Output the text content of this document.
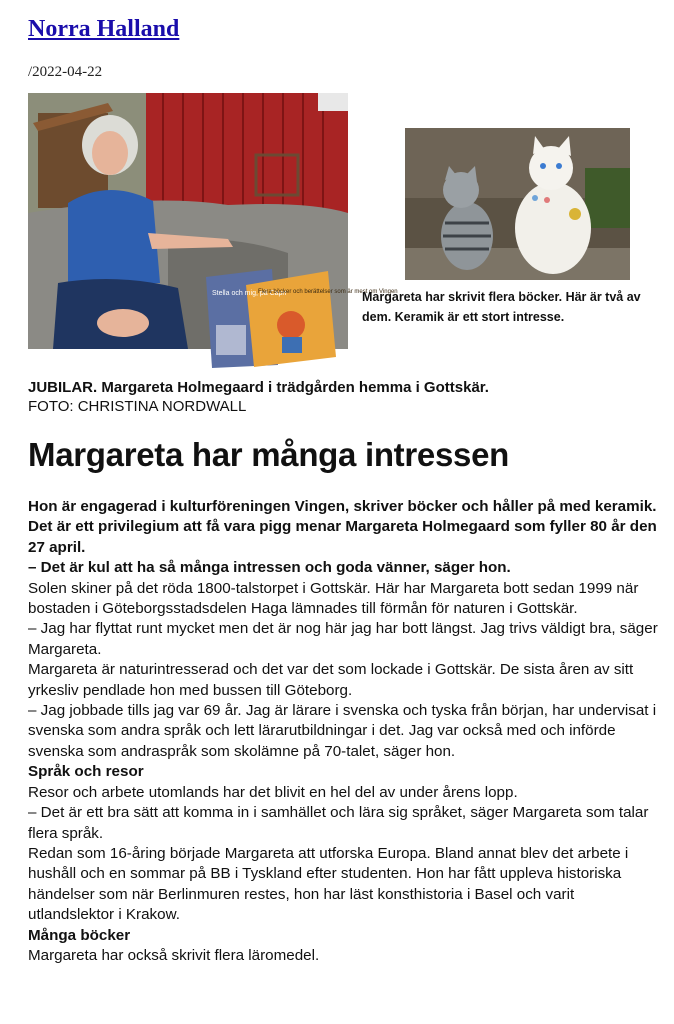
Norra Halland
/2022-04-22
Stella och mig, på Capri
Flera böcker och berättelser som är mest om Vingen
Margareta har skrivit flera böcker. Här är två av dem. Keramik är ett stort intresse.
JUBILAR. Margareta Holmegaard i trädgården hemma i Gottskär.
FOTO: CHRISTINA NORDWALL
Margareta har många intressen

Hon är engagerad i kulturföreningen Vingen, skriver böcker och håller på med keramik.

Det är ett privilegium att få vara pigg menar Margareta Holmegaard som fyller 80 år den 27 april.

– Det är kul att ha så många intressen och goda vänner, säger hon.

Solen skiner på det röda 1800-talstorpet i Gottskär. Här har Margareta bott sedan 1999 när bostaden i Göteborgsstadsdelen Haga lämnades till förmån för naturen i Gottskär.

– Jag har flyttat runt mycket men det är nog här jag har bott längst. Jag trivs väldigt bra, säger Margareta.

Margareta är naturintresserad och det var det som lockade i Gottskär. De sista åren av sitt yrkesliv pendlade hon med bussen till Göteborg.

– Jag jobbade tills jag var 69 år. Jag är lärare i svenska och tyska från början, har undervisat i svenska som andra språk och lett lärarutbildningar i det. Jag var också med och införde svenska som andraspråk som skolämne på 70-talet, säger hon.

Språk och resor

Resor och arbete utomlands har det blivit en hel del av under årens lopp.

– Det är ett bra sätt att komma in i samhället och lära sig språket, säger Margareta som talar flera språk.

Redan som 16-åring började Margareta att utforska Europa. Bland annat blev det arbete i hushåll och en sommar på BB i Tyskland efter studenten. Hon har fått uppleva historiska händelser som när Berlinmuren restes, hon har läst konsthistoria i Basel och varit utlandslektor i Krakow.

Många böcker

Margareta har också skrivit flera läromedel.
